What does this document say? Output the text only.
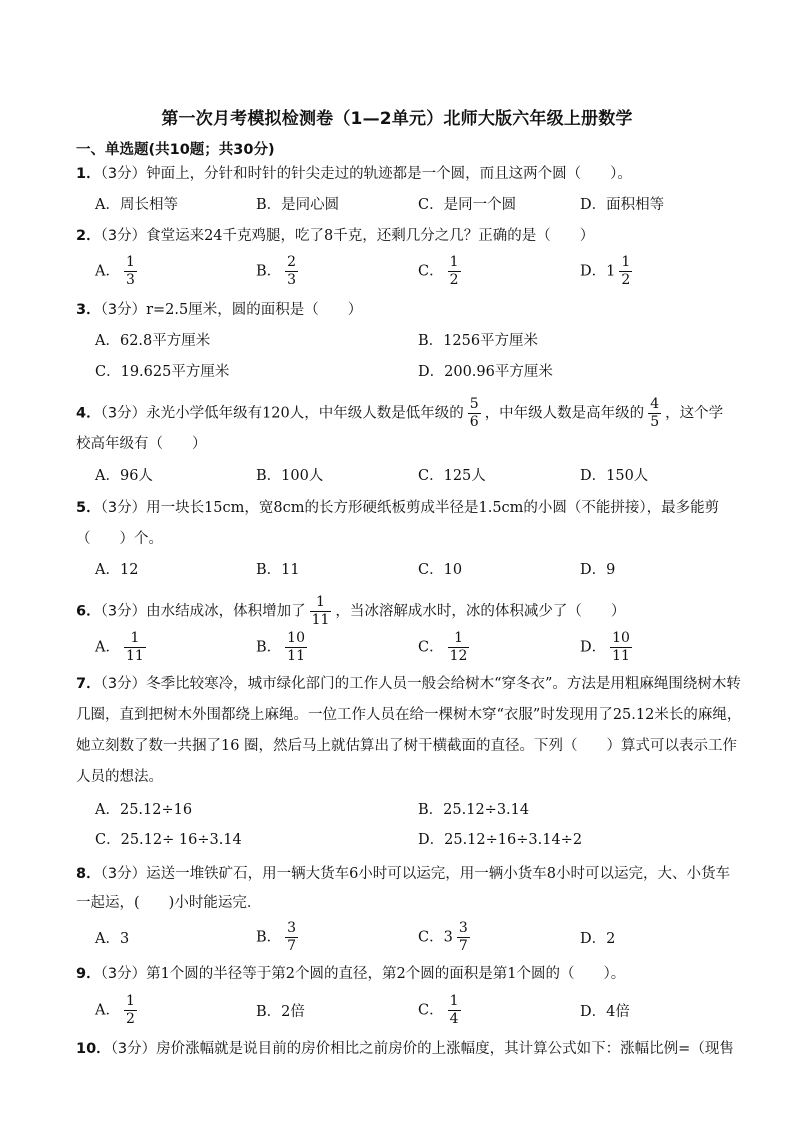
第一次月考模拟检测卷（1—2单元）北师大版六年级上册数学
一、单选题(共10题；共30分)
1．（3分）钟面上，分针和时针的针尖走过的轨迹都是一个圆，而且这两个圆（　　）。
A．周长相等	B．是同心圆	C．是同一个圆	D．面积相等
2．（3分）食堂运来24千克鸡腿，吃了8千克，还剩几分之几？正确的是（　　）
A． $\frac{1}{3}$	B． $\frac{2}{3}$	C． $\frac{1}{2}$	D．$1 \frac{1}{2}$
3．（3分）r=2.5厘米，圆的面积是（　　）
A．62.8平方厘米	B．1256平方厘米
C．19.625平方厘米	D．200.96平方厘米
4．（3分）永光小学低年级有120人，中年级人数是低年级的 $\frac{5}{6}$ ，中年级人数是高年级的 $\frac{4}{5}$ ，这个学
校高年级有（　　）
A．96人	B．100人	C．125人	D．150人
5．（3分）用一块长15cm，宽8cm的长方形硬纸板剪成半径是1.5cm的小圆（不能拼接），最多能剪
（　　）个。
A．12	B．11	C．10	D．9
6．（3分）由水结成冰，体积增加了 $\frac{1}{11}$ ，当冰溶解成水时，冰的体积减少了（　　）
A． $\frac{1}{11}$	B． $\frac{10}{11}$	C． $\frac{1}{12}$	D． $\frac{10}{11}$
7．（3分）冬季比较寒冷，城市绿化部门的工作人员一般会给树木“穿冬衣”。方法是用粗麻绳围绕树木转
几圈，直到把树木外围都绕上麻绳。一位工作人员在给一棵树木穿“衣服”时发现用了25.12米长的麻绳，
她立刻数了数一共捆了16 圈，然后马上就估算出了树干横截面的直径。下列（　　）算式可以表示工作
人员的想法。
A．25.12÷16	B．25.12÷3.14
C．25.12÷ 16÷3.14	D．25.12÷16÷3.14÷2
8．（3分）运送一堆铁矿石，用一辆大货车6小时可以运完，用一辆小货车8小时可以运完，大、小货车
一起运，(　　)小时能运完．
A．3	B． $\frac{3}{7}$	C．$3 \frac{3}{7}$	D．2
9．（3分）第1个圆的半径等于第2个圆的直径，第2个圆的面积是第1个圆的（　　）。
A． $\frac{1}{2}$	B．2倍	C． $\frac{1}{4}$	D．4倍
10．（3分）房价涨幅就是说目前的房价相比之前房价的上涨幅度，其计算公式如下：涨幅比例=（现售
